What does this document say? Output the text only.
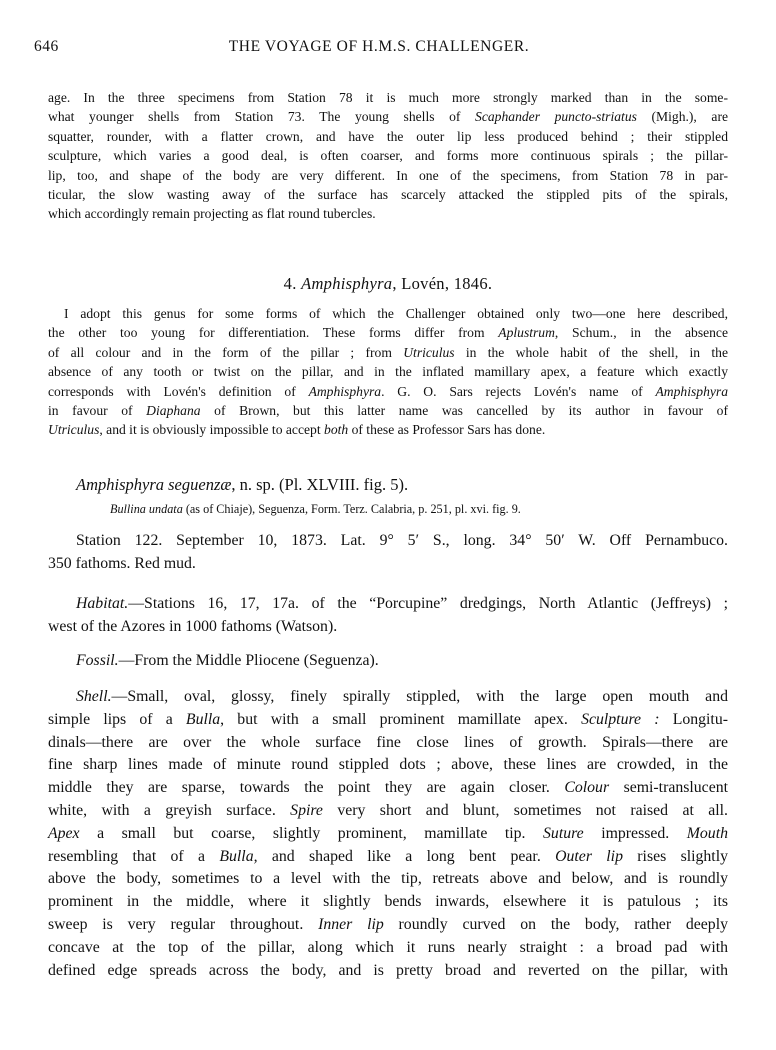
646	THE VOYAGE OF H.M.S. CHALLENGER.
age. In the three specimens from Station 78 it is much more strongly marked than in the some-
what younger shells from Station 73. The young shells of Scaphander puncto-striatus (Migh.), are
squatter, rounder, with a flatter crown, and have the outer lip less produced behind ; their stippled
sculpture, which varies a good deal, is often coarser, and forms more continuous spirals ; the pillar-
lip, too, and shape of the body are very different. In one of the specimens, from Station 78 in par-
ticular, the slow wasting away of the surface has scarcely attacked the stippled pits of the spirals,
which accordingly remain projecting as flat round tubercles.
4. Amphisphyra, Lovén, 1846.
I adopt this genus for some forms of which the Challenger obtained only two—one here described,
the other too young for differentiation. These forms differ from Aplustrum, Schum., in the absence
of all colour and in the form of the pillar ; from Utriculus in the whole habit of the shell, in the
absence of any tooth or twist on the pillar, and in the inflated mamillary apex, a feature which exactly
corresponds with Lovén's definition of Amphisphyra. G. O. Sars rejects Lovén's name of Amphisphyra
in favour of Diaphana of Brown, but this latter name was cancelled by its author in favour of
Utriculus, and it is obviously impossible to accept both of these as Professor Sars has done.
Amphisphyra seguenzæ, n. sp. (Pl. XLVIII. fig. 5).
Bullina undata (as of Chiaje), Seguenza, Form. Terz. Calabria, p. 251, pl. xvi. fig. 9.
Station 122. September 10, 1873. Lat. 9° 5′ S., long. 34° 50′ W. Off Pernambuco.
350 fathoms. Red mud.
Habitat.—Stations 16, 17, 17a. of the “Porcupine” dredgings, North Atlantic (Jeffreys) ;
west of the Azores in 1000 fathoms (Watson).
Fossil.—From the Middle Pliocene (Seguenza).
Shell.—Small, oval, glossy, finely spirally stippled, with the large open mouth and
simple lips of a Bulla, but with a small prominent mamillate apex. Sculpture : Longitu-
dinals—there are over the whole surface fine close lines of growth. Spirals—there are
fine sharp lines made of minute round stippled dots ; above, these lines are crowded, in the
middle they are sparse, towards the point they are again closer. Colour semi-translucent
white, with a greyish surface. Spire very short and blunt, sometimes not raised at all.
Apex a small but coarse, slightly prominent, mamillate tip. Suture impressed. Mouth
resembling that of a Bulla, and shaped like a long bent pear. Outer lip rises slightly
above the body, sometimes to a level with the tip, retreats above and below, and is roundly
prominent in the middle, where it slightly bends inwards, elsewhere it is patulous ; its
sweep is very regular throughout. Inner lip roundly curved on the body, rather deeply
concave at the top of the pillar, along which it runs nearly straight : a broad pad with
defined edge spreads across the body, and is pretty broad and reverted on the pillar, with
